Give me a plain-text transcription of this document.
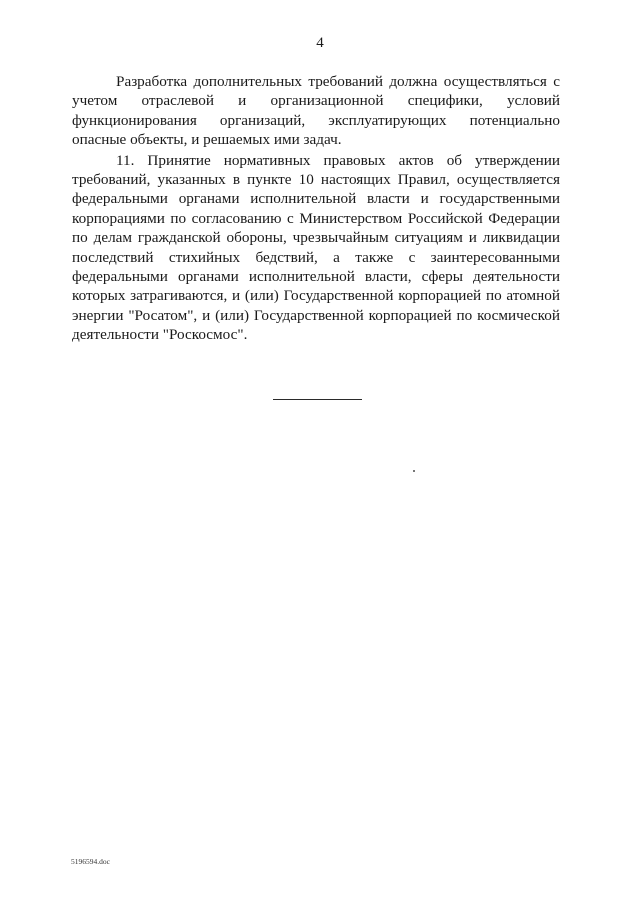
4

Разработка дополнительных требований должна осуществляться с учетом отраслевой и организационной специфики, условий функционирования организаций, эксплуатирующих потенциально опасные объекты, и решаемых ими задач.

11. Принятие нормативных правовых актов об утверждении требований, указанных в пункте 10 настоящих Правил, осуществляется федеральными органами исполнительной власти и государственными корпорациями по согласованию с Министерством Российской Федерации по делам гражданской обороны, чрезвычайным ситуациям и ликвидации последствий стихийных бедствий, а также с заинтересованными федеральными органами исполнительной власти, сферы деятельности которых затрагиваются, и (или) Государственной корпорацией по атомной энергии "Росатом", и (или) Государственной корпорацией по космической деятельности "Роскосмос".

5196594.doc
